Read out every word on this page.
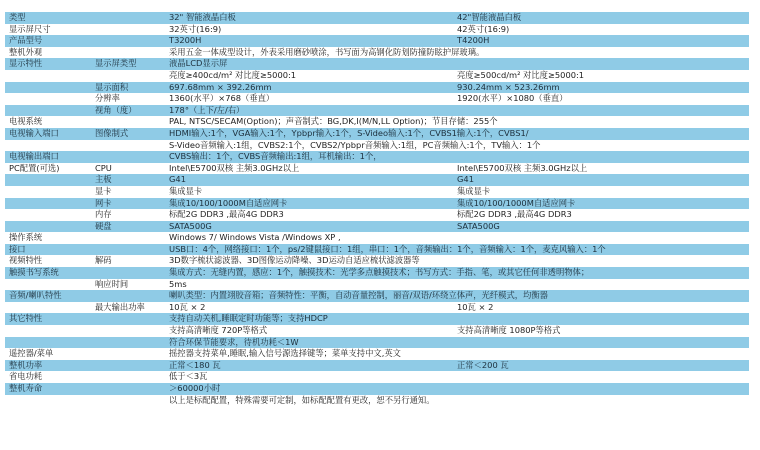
类型	32" 智能液晶白板	42"智能液晶白板
显示屏尺寸	32英寸(16:9)	42英寸(16:9)
产品型号	T3200H	T4200H
整机外观	采用五金一体成型设计，外表采用磨砂喷涂，书写面为高钢化防划防撞防眩护屏玻璃。
显示特性	显示屏类型	液晶LCD显示屏
亮度≥400cd/m² 对比度≥5000:1	亮度≥500cd/m² 对比度≥5000:1
显示面积	697.68mm × 392.26mm	930.24mm × 523.26mm
分辨率	1360(水平）×768（垂直）	1920(水平）×1080（垂直）
视角（度）	178°（上下/左/右）
电视系统	PAL, NTSC/SECAM(Option)；声音制式：BG,DK,I(M/N,LL Option)；节目存储：255个
电视输入端口	图像制式	HDMI输入:1个，VGA输入:1个，Ypbpr输入:1个，S-Video输入:1个，CVBS1输入:1个，CVBS1/
S-Video音频输入:1组，CVBS2:1个，CVBS2/Ypbpr音频输入:1组，PC音频输入:1个，TV输入：1个
电视输出端口	CVBS输出：1个，CVBS音频输出:1组，耳机输出：1个，
PC配置(可选)	CPU	Intel\E5700双核 主频3.0GHz以上	Intel\E5700双核 主频3.0GHz以上
主板	G41	G41
显卡	集成显卡	集成显卡
网卡	集成10/100/1000M自适应网卡	集成10/100/1000M自适应网卡
内存	标配2G DDR3 ,最高4G DDR3	标配2G DDR3 ,最高4G DDR3
硬盘	SATA500G	SATA500G
操作系统	Windows 7/ Windows Vista /Windows XP ,
接口	USB口：4个，网络接口：1个，ps/2键鼠接口：1组，串口：1个，音频输出：1个，音频输入：1个，麦克风输入：1个
视频特性	解码	3D数字梳状滤波器、3D图像运动降噪、3D运动自适应梳状滤波器等
触摸书写系统	集成方式：无缝内置，感应：1个，触摸技术：光学多点触摸技术；书写方式：手指、笔，或其它任何非透明物体；
响应时间	5ms
音频/喇叭特性	喇叭类型：内置翊胶音箱；音频特性：平衡，自动音量控制，丽音/双语/环绕立体声，光纤模式，均衡器
最大输出功率	10瓦 × 2	10瓦 × 2
其它特性	支持自动关机,睡眠定时功能等；支持HDCP
支持高清晰度 720P等格式	支持高清晰度 1080P等格式
符合环保节能要求，待机功耗＜1W
遥控器/菜单	摇控器支持菜单,睡眠,输入信号源选择键等；菜单支持中文,英文
整机功率	正常＜180 瓦	正常＜200 瓦
省电功耗	低于＜3瓦
整机寿命	＞60000小时
以上是标配配置，特殊需要可定制，如标配配置有更改，恕不另行通知。
